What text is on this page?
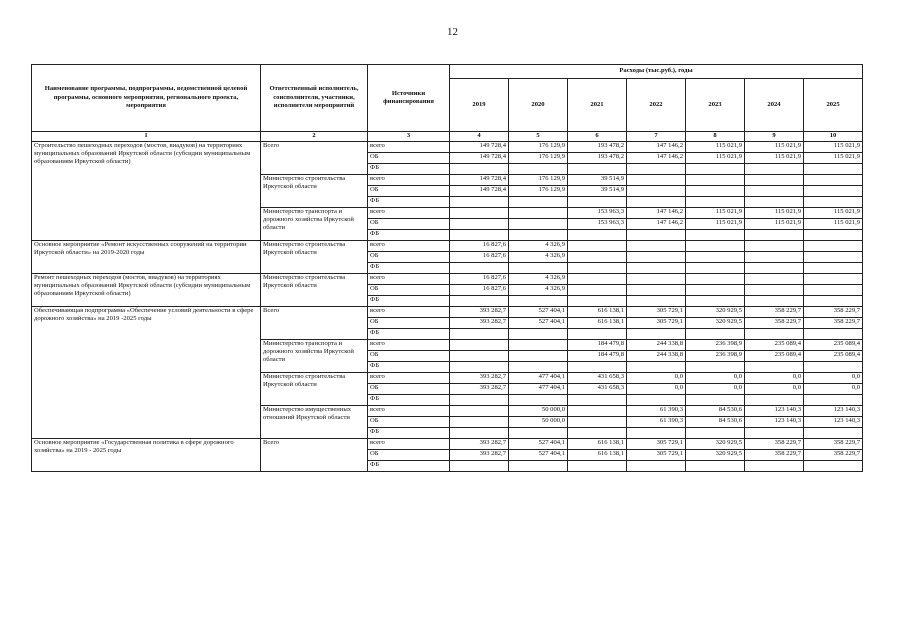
12
Наименование программы, подпрограммы, ведомственной целевой программы, основного мероприятия, регионального проекта, мероприятия	Ответственный исполнитель, соисполнители, участники, исполнители мероприятий	Источники финансирования	Расходы (тыс.руб.), годы						
			2019	2020	2021	2022	2023	2024	2025
1	2	3	4	5	6	7	8	9	10
Строительство пешеходных переходов (мостов, виадуков) на территориях муниципальных образований Иркутской области (субсидии муниципальным образованиям Иркутской области)	Всего	всего	149 728,4	176 129,9	193 478,2	147 146,2	115 021,9	115 021,9	115 021,9
		ОБ	149 728,4	176 129,9	193 478,2	147 146,2	115 021,9	115 021,9	115 021,9
		ФБ							
	Министерство строительства Иркутской области	всего	149 728,4	176 129,9	39 514,9				
		ОБ	149 728,4	176 129,9	39 514,9				
		ФБ							
	Министерство транспорта и дорожного хозяйства Иркутской области	всего			153 963,3	147 146,2	115 021,9	115 021,9	115 021,9
		ОБ			153 963,3	147 146,2	115 021,9	115 021,9	115 021,9
		ФБ							
Основное мероприятие «Ремонт искусственных сооружений на территории Иркутской области» на 2019-2020 годы	Министерство строительства Иркутской области	всего	16 827,6	4 326,9					
		ОБ	16 827,6	4 326,9					
		ФБ							
Ремонт пешеходных переходов (мостов, виадуков) на территориях муниципальных образований Иркутской области (субсидии муниципальным образованиям Иркутской области)	Министерство строительства Иркутской области	всего	16 827,6	4 326,9					
		ОБ	16 827,6	4 326,9					
		ФБ							
Обеспечивающая подпрограмма «Обеспечение условий деятельности в сфере дорожного хозяйства» на 2019 -2025 годы	Всего	всего	393 282,7	527 404,1	616 138,1	305 729,1	320 929,5	358 229,7	358 229,7
		ОБ	393 282,7	527 404,1	616 138,1	305 729,1	320 929,5	358 229,7	358 229,7
		ФБ							
	Министерство транспорта и дорожного хозяйства Иркутской области	всего			184 479,8	244 338,8	236 398,9	235 089,4	235 089,4
		ОБ			184 479,8	244 338,8	236 398,9	235 089,4	235 089,4
		ФБ							
	Министерство строительства Иркутской области	всего	393 282,7	477 404,1	431 658,3	0,0	0,0	0,0	0,0
		ОБ	393 282,7	477 404,1	431 658,3	0,0	0,0	0,0	0,0
		ФБ							
	Министерство имущественных отношений Иркутской области	всего		50 000,0		61 390,3	84 530,6	123 140,3	123 140,3
		ОБ		50 000,0		61 390,3	84 530,6	123 140,3	123 140,3
		ФБ							
Основное мероприятие «Государственная политика в сфере дорожного хозяйства» на 2019 - 2025 годы	Всего	всего	393 282,7	527 404,1	616 138,1	305 729,1	320 929,5	358 229,7	358 229,7
		ОБ	393 282,7	527 404,1	616 138,1	305 729,1	320 929,5	358 229,7	358 229,7
		ФБ							
